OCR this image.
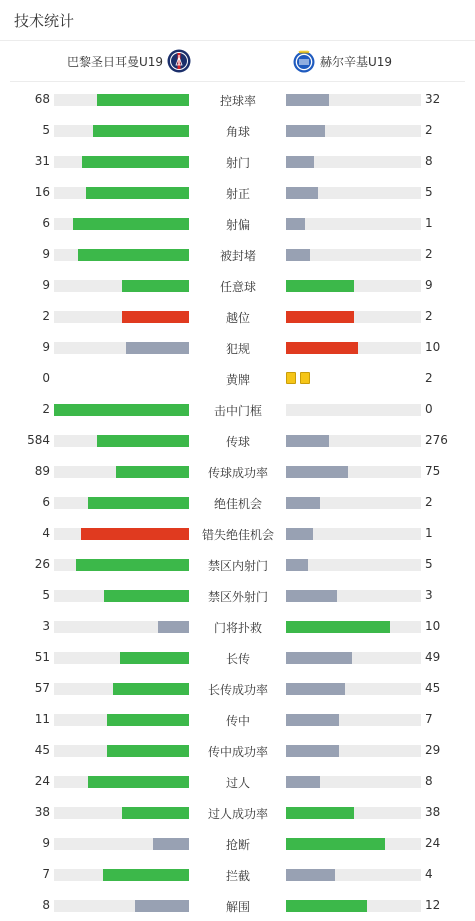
技术统计
巴黎圣日耳曼U19	赫尔辛基U19
68	控球率	32
5	角球	2
31	射门	8
16	射正	5
6	射偏	1
9	被封堵	2
9	任意球	9
2	越位	2
9	犯规	10
0	黄牌	2
2	击中门框	0
584	传球	276
89	传球成功率	75
6	绝佳机会	2
4	错失绝佳机会	1
26	禁区内射门	5
5	禁区外射门	3
3	门将扑救	10
51	长传	49
57	长传成功率	45
11	传中	7
45	传中成功率	29
24	过人	8
38	过人成功率	38
9	抢断	24
7	拦截	4
8	解围	12
